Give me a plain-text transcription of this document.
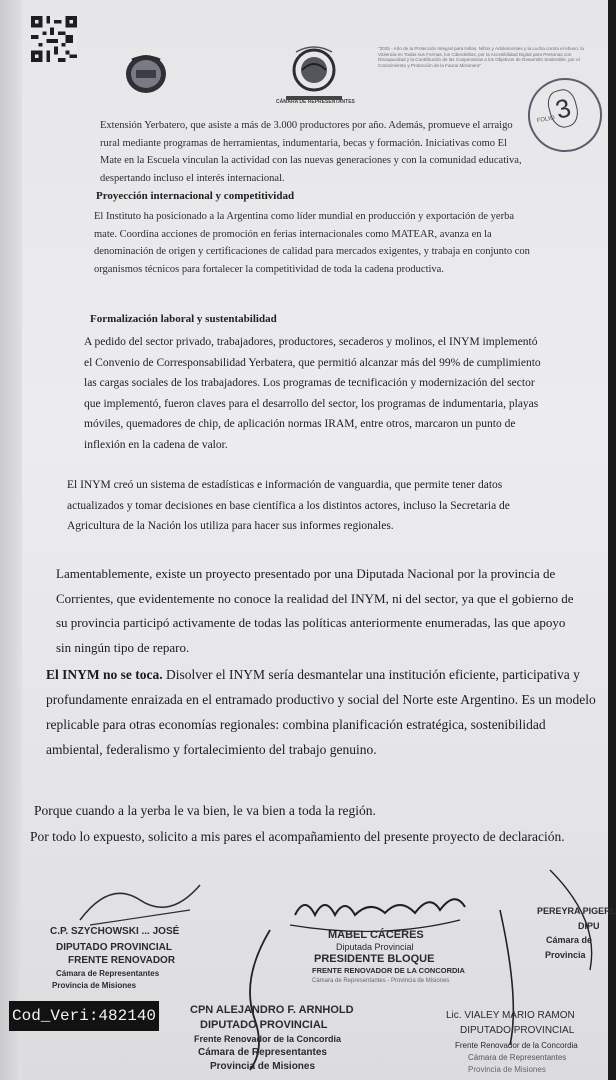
CÁMARA DE REPRESENTANTES
"2025 - Año de la Protección Integral para Niñas, Niños y Adolescentes y la Lucha contra el Abuso, la Violencia en Todas sus Formas, los Ciberdelitos, por la Accesibilidad Digital para Personas con Discapacidad y la Contribución de las Cooperativas a los Objetivos de Desarrollo Sostenible, por el Conocimiento y Protección de la Fauna Misionera"
3
FOLIO

Extensión Yerbatero, que asiste a más de 3.000 productores por año. Además, promueve el arraigo rural mediante programas de herramientas, indumentaria, becas y formación. Iniciativas como El Mate en la Escuela vinculan la actividad con las nuevas generaciones y con la comunidad educativa, despertando incluso el interés internacional.

Proyección internacional y competitividad

El Instituto ha posicionado a la Argentina como líder mundial en producción y exportación de yerba mate. Coordina acciones de promoción en ferias internacionales como MATEAR, avanza en la denominación de origen y certificaciones de calidad para mercados exigentes, y trabaja en conjunto con organismos técnicos para fortalecer la competitividad de toda la cadena productiva.

Formalización laboral y sustentabilidad

A pedido del sector privado, trabajadores, productores, secaderos y molinos, el INYM implementó el Convenio de Corresponsabilidad Yerbatera, que permitió alcanzar más del 99% de cumplimiento las cargas sociales de los trabajadores. Los programas de tecnificación y modernización del sector que implementó, fueron claves para el desarrollo del sector, los programas de indumentaria, playas móviles, quemadores de chip, de aplicación normas IRAM, entre otros, marcaron un punto de inflexión en la cadena de valor.

El INYM creó un sistema de estadísticas e información de vanguardia, que permite tener datos actualizados y tomar decisiones en base científica a los distintos actores, incluso la Secretaria de Agricultura de la Nación los utiliza para hacer sus informes regionales.

Lamentablemente, existe un proyecto presentado por una Diputada Nacional por la provincia de Corrientes, que evidentemente no conoce la realidad del INYM, ni del sector, ya que el gobierno de su provincia participó activamente de todas las políticas anteriormente enumeradas, las que apoyo sin ningún tipo de reparo.

El INYM no se toca. Disolver el INYM sería desmantelar una institución eficiente, participativa y profundamente enraizada en el entramado productivo y social del Norte este Argentino. Es un modelo replicable para otras economías regionales: combina planificación estratégica, sostenibilidad ambiental, federalismo y fortalecimiento del trabajo genuino.

Porque cuando a la yerba le va bien, le va bien a toda la región.

Por todo lo expuesto, solicito a mis pares el acompañamiento del presente proyecto de declaración.

C.P. SZYCHOWSKI ... JOSÉ
DIPUTADO PROVINCIAL
FRENTE RENOVADOR
Cámara de Representantes
Provincia de Misiones
MABEL CÁCERES
Diputada Provincial
PRESIDENTE BLOQUE
FRENTE RENOVADOR DE LA CONCORDIA
Cámara de Representantes - Provincia de Misiones
PEREYRA PIGERL
DIPU
Cámara de
Provincia
CPN ALEJANDRO F. ARNHOLD
DIPUTADO PROVINCIAL
Frente Renovador de la Concordia
Cámara de Representantes
Provincia de Misiones
Lic. VIALEY MARIO RAMON
DIPUTADO PROVINCIAL
Frente Renovador de la Concordia
Cámara de Representantes
Provincia de Misiones
Cod_Veri:482140
